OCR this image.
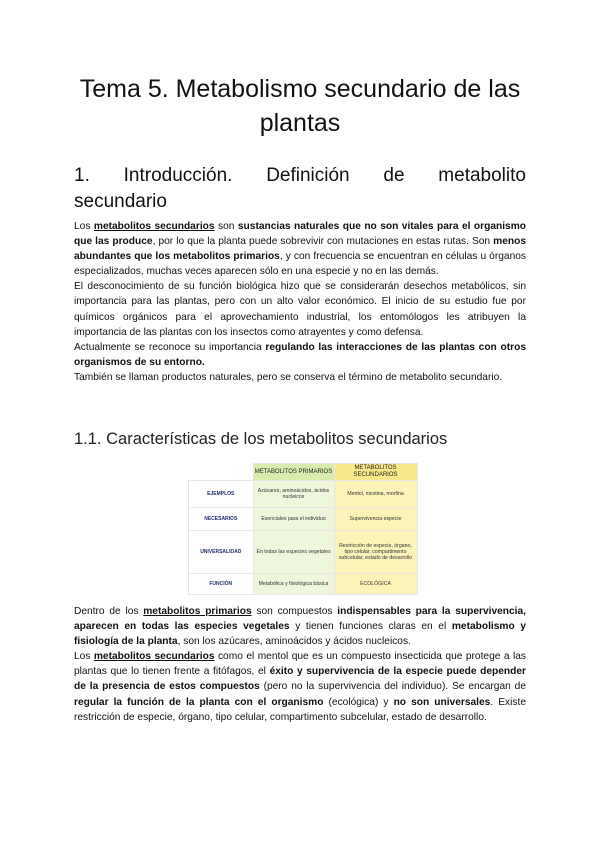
Tema 5. Metabolismo secundario de las plantas
1. Introducción. Definición de metabolito
secundario

Los metabolitos secundarios son sustancias naturales que no son vitales para el organismo que las produce, por lo que la planta puede sobrevivir con mutaciones en estas rutas. Son menos abundantes que los metabolitos primarios, y con frecuencia se encuentran en células u órganos especializados, muchas veces aparecen sólo en una especie y no en las demás.

El desconocimiento de su función biológica hizo que se considerarán desechos metabólicos, sin importancia para las plantas, pero con un alto valor económico. El inicio de su estudio fue por químicos orgánicos para el aprovechamiento industrial, los entomólogos les atribuyen la importancia de las plantas con los insectos como atrayentes y como defensa.

Actualmente se reconoce su importancia regulando las interacciones de las plantas con otros organismos de su entorno.

También se llaman productos naturales, pero se conserva el término de metabolito secundario.

1.1. Características de los metabolitos secundarios
	METABOLITOS PRIMARIOS	METABOLITOS SECUNDARIOS
EJEMPLOS	Azúcares, aminoácidos, ácidos nucleicos	Mentol, nicotina, morfina
NECESARIOS	Esenciales para el individuo	Supervivencia especie
UNIVERSALIDAD	En todas las especies vegetales	Restricción de especie, órgano, tipo celular, compartimento subcelular, estado de desarrollo
FUNCIÓN	Metabólica y fisiológica básica	ECOLÓGICA

Dentro de los metabolitos primarios son compuestos indispensables para la supervivencia, aparecen en todas las especies vegetales y tienen funciones claras en el metabolismo y fisiología de la planta, son los azúcares, aminoácidos y ácidos nucleicos.

Los metabolitos secundarios como el mentol que es un compuesto insecticida que protege a las plantas que lo tienen frente a fitófagos, el éxito y supervivencia de la especie puede depender de la presencia de estos compuestos (pero no la supervivencia del individuo). Se encargan de regular la función de la planta con el organismo (ecológica) y no son universales. Existe restricción de especie, órgano, tipo celular, compartimento subcelular, estado de desarrollo.
